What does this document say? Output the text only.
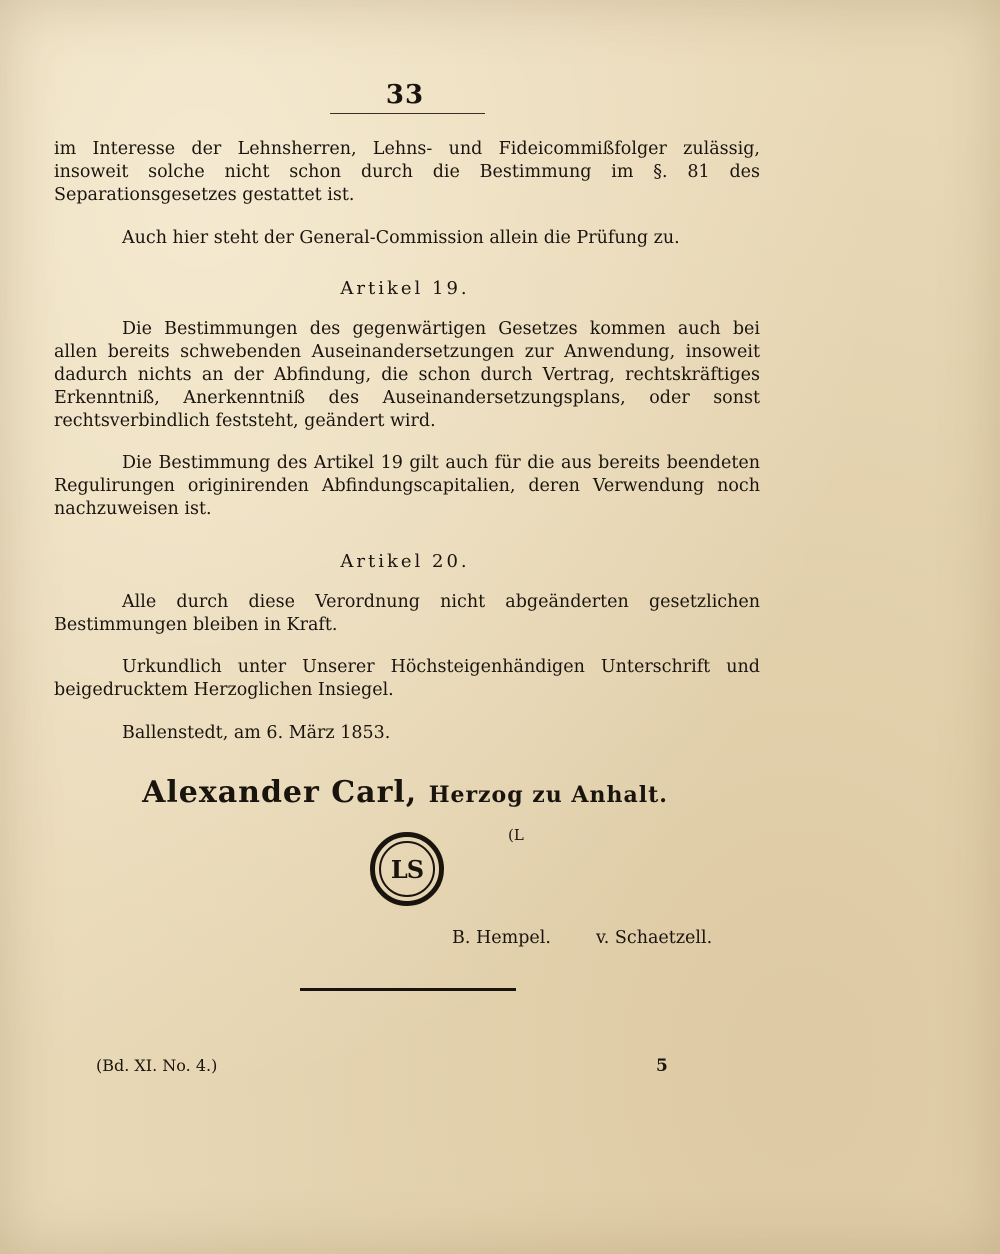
33
im Interesse der Lehnsherren, Lehns- und Fideicommißfolger zulässig, insoweit solche nicht schon durch die Bestimmung im §. 81 des Separationsgesetzes gestattet ist.
Auch hier steht der General-Commission allein die Prüfung zu.
Artikel 19.
Die Bestimmungen des gegenwärtigen Gesetzes kommen auch bei allen bereits schwebenden Auseinandersetzungen zur Anwendung, insoweit dadurch nichts an der Abfindung, die schon durch Vertrag, rechtskräftiges Erkenntniß, Anerkenntniß des Auseinandersetzungsplans, oder sonst rechtsverbindlich feststeht, geändert wird.
Die Bestimmung des Artikel 19 gilt auch für die aus bereits beendeten Regulirungen originirenden Abfindungscapitalien, deren Verwendung noch nachzuweisen ist.
Artikel 20.
Alle durch diese Verordnung nicht abgeänderten gesetzlichen Bestimmungen bleiben in Kraft.
Urkundlich unter Unserer Höchsteigenhändigen Unterschrift und beigedrucktem Herzoglichen Insiegel.
Ballenstedt, am 6. März 1853.
Alexander Carl, Herzog zu Anhalt.
(L
LS
B. Hempel.	v. Schaetzell.
(Bd. XI. No. 4.)	5
